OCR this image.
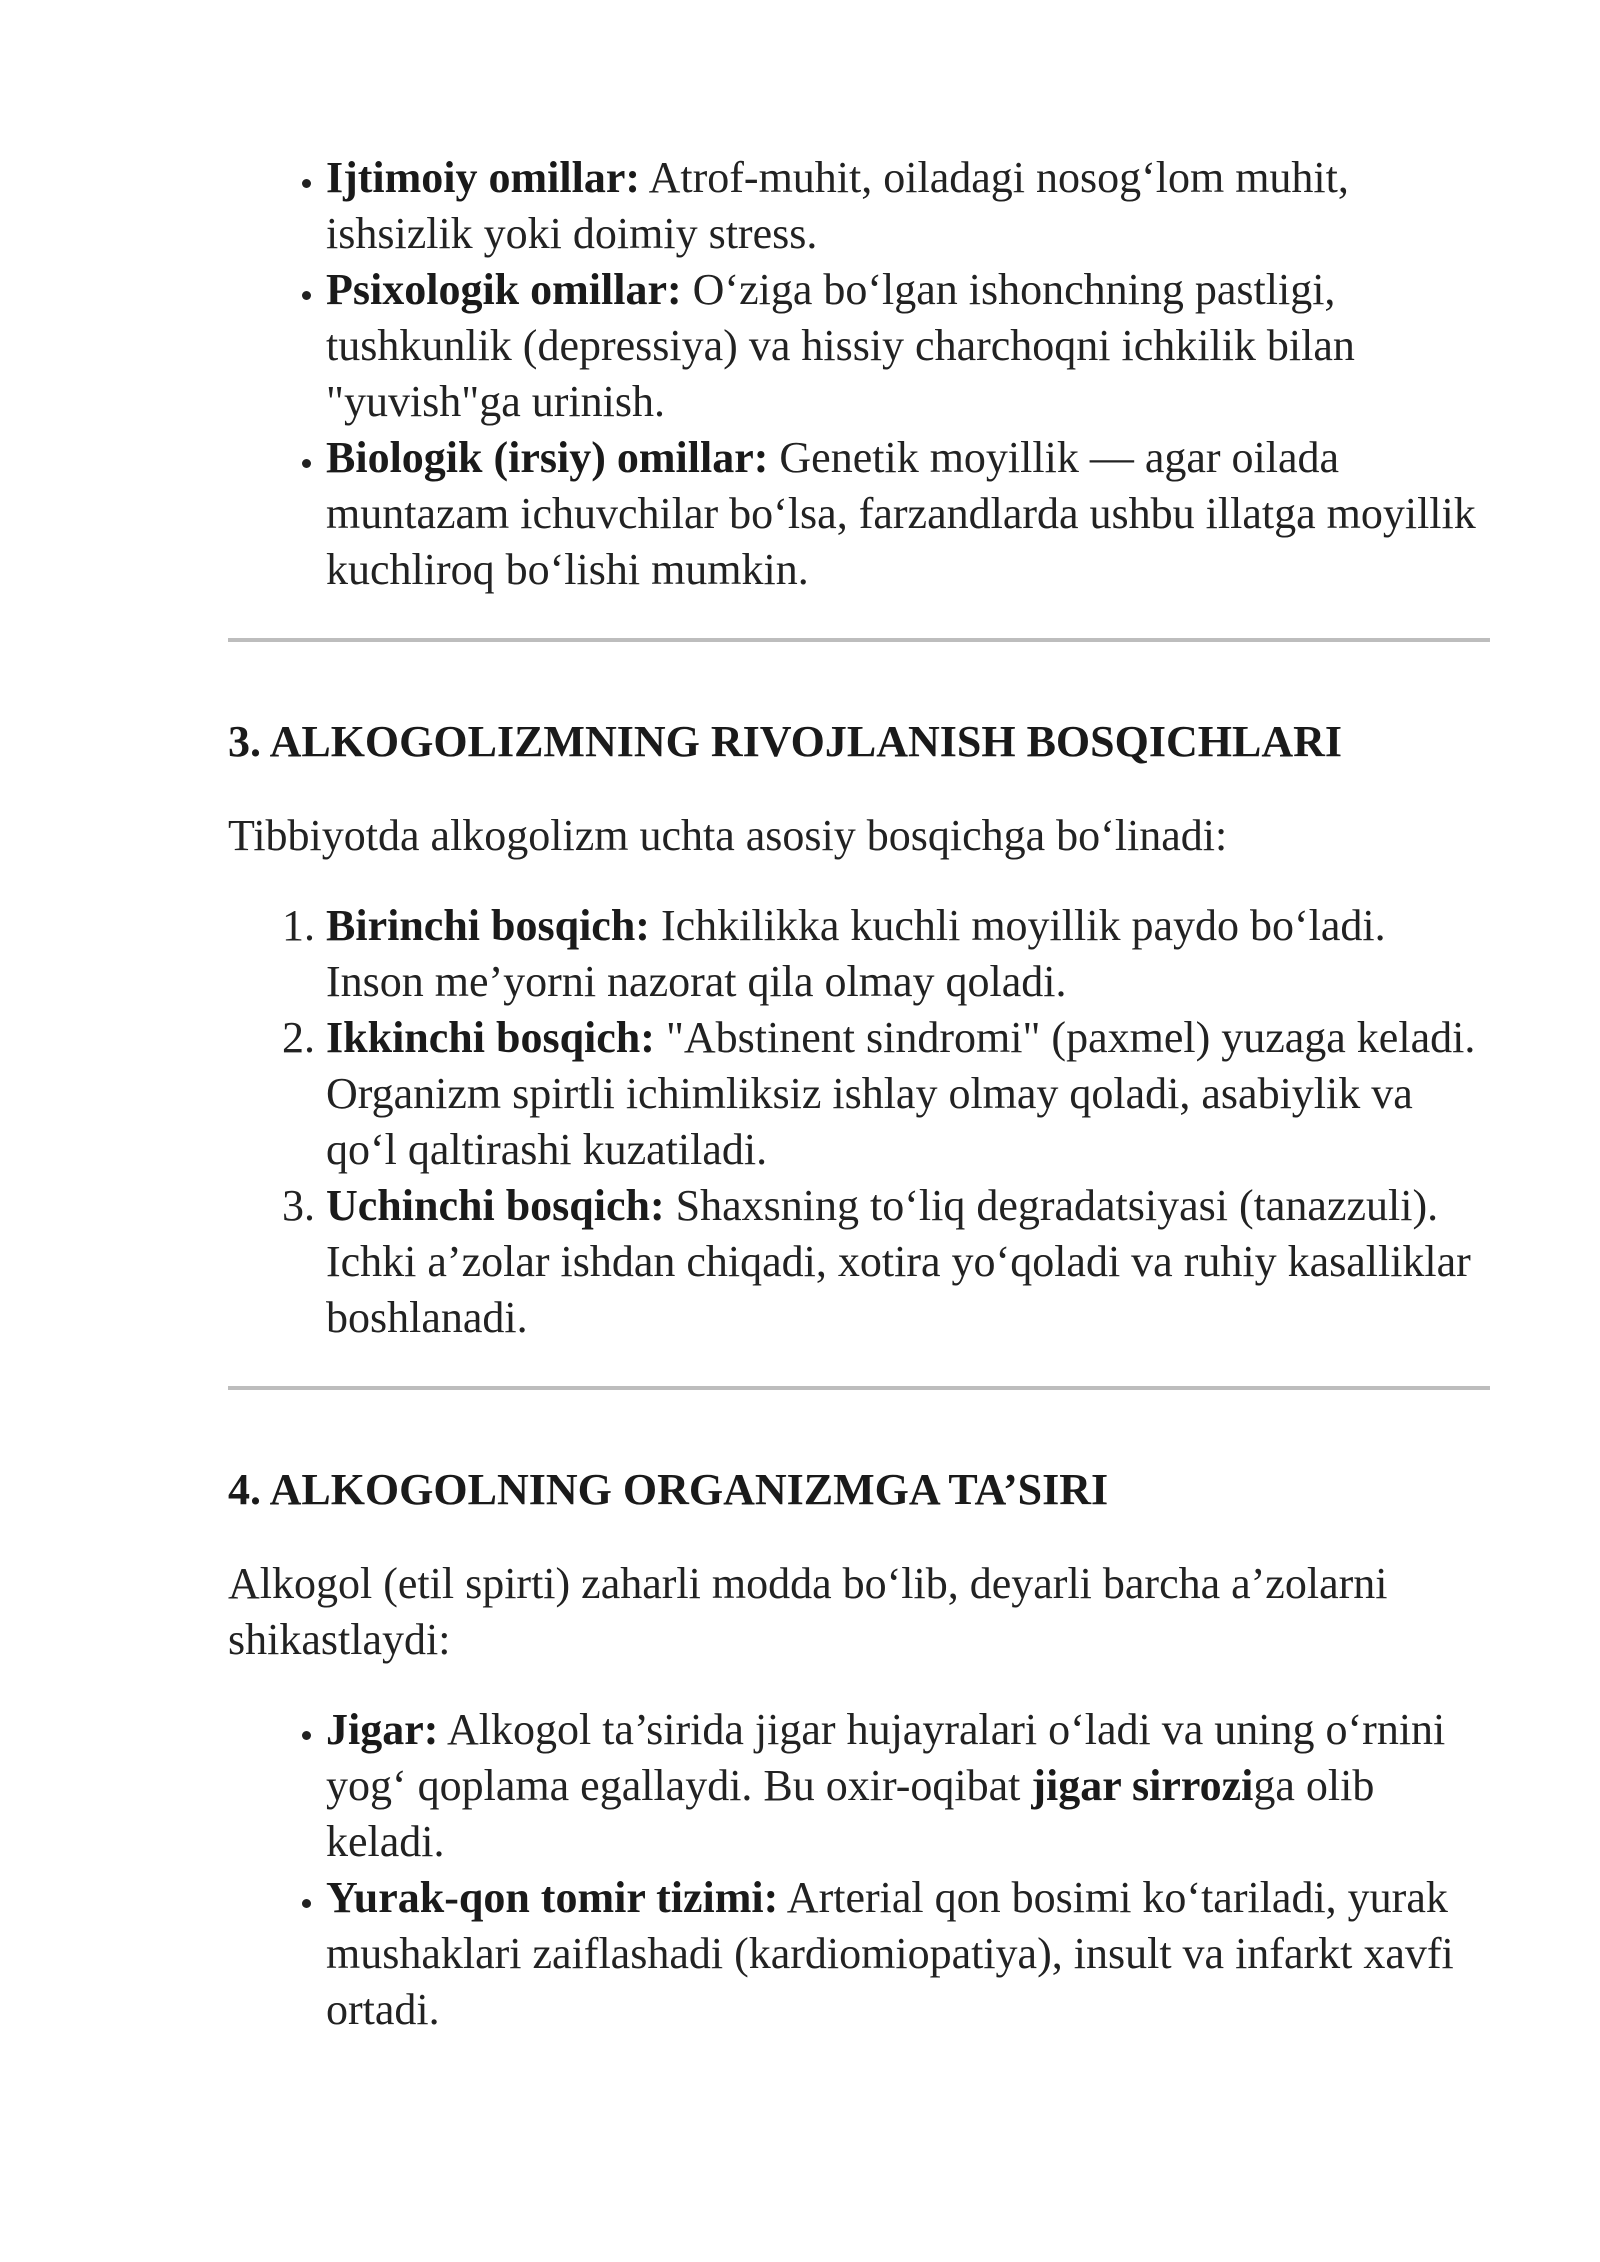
• Ijtimoiy omillar: Atrof-muhit, oiladagi nosog‘lom muhit, ishsizlik yoki doimiy stress.
• Psixologik omillar: O‘ziga bo‘lgan ishonchning pastligi, tushkunlik (depressiya) va hissiy charchoqni ichkilik bilan "yuvish"ga urinish.
• Biologik (irsiy) omillar: Genetik moyillik — agar oilada muntazam ichuvchilar bo‘lsa, farzandlarda ushbu illatga moyillik kuchliroq bo‘lishi mumkin.
3. ALKOGOLIZMNING RIVOJLANISH BOSQICHLARI

Tibbiyotda alkogolizm uchta asosiy bosqichga bo‘linadi:

1. Birinchi bosqich: Ichkilikka kuchli moyillik paydo bo‘ladi. Inson me’yorni nazorat qila olmay qoladi.
2. Ikkinchi bosqich: "Abstinent sindromi" (paxmel) yuzaga keladi. Organizm spirtli ichimliksiz ishlay olmay qoladi, asabiylik va qo‘l qaltirashi kuzatiladi.
3. Uchinchi bosqich: Shaxsning to‘liq degradatsiyasi (tanazzuli). Ichki a’zolar ishdan chiqadi, xotira yo‘qoladi va ruhiy kasalliklar boshlanadi.
4. ALKOGOLNING ORGANIZMGA TA’SIRI

Alkogol (etil spirti) zaharli modda bo‘lib, deyarli barcha a’zolarni shikastlaydi:

• Jigar: Alkogol ta’sirida jigar hujayralari o‘ladi va uning o‘rnini yog‘ qoplama egallaydi. Bu oxir-oqibat jigar sirroziga olib keladi.
• Yurak-qon tomir tizimi: Arterial qon bosimi ko‘tariladi, yurak mushaklari zaiflashadi (kardiomiopatiya), insult va infarkt xavfi ortadi.
